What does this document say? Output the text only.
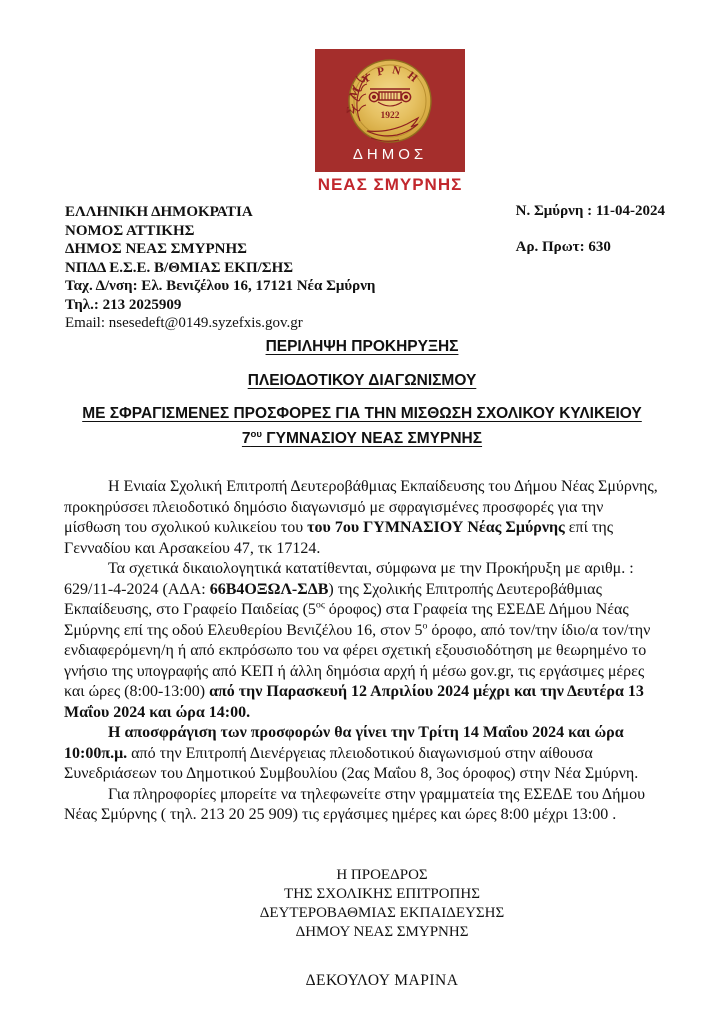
ΣΜΥΡΝΗ
1922
ΔΗΜΟΣ
ΝΕΑΣ ΣΜΥΡΝΗΣ
ΕΛΛΗΝΙΚΗ ΔΗΜΟΚΡΑΤΙΑ
ΝΟΜΟΣ ΑΤΤΙΚΗΣ
ΔΗΜΟΣ ΝΕΑΣ ΣΜΥΡΝΗΣ
ΝΠΔΔ Ε.Σ.Ε. Β/ΘΜΙΑΣ ΕΚΠ/ΣΗΣ
Ταχ. Δ/νση: Ελ. Βενιζέλου 16, 17121 Νέα Σμύρνη
Τηλ.: 213 2025909
Email: nsesedeft@0149.syzefxis.gov.gr
Ν. Σμύρνη : 11-04-2024
Αρ. Πρωτ: 630
ΠΕΡΙΛΗΨΗ ΠΡΟΚΗΡΥΞΗΣ
ΠΛΕΙΟΔΟΤΙΚΟΥ ΔΙΑΓΩΝΙΣΜΟΥ
ΜΕ ΣΦΡΑΓΙΣΜΕΝΕΣ ΠΡΟΣΦΟΡΕΣ ΓΙΑ ΤΗΝ ΜΙΣΘΩΣΗ ΣΧΟΛΙΚΟΥ ΚΥΛΙΚΕΙΟΥ
$7^{o\upsilon}$ ΓΥΜΝΑΣΙΟΥ ΝΕΑΣ ΣΜΥΡΝΗΣ

Η Ενιαία Σχολική Επιτροπή Δευτεροβάθμιας Εκπαίδευσης του Δήμου Νέας Σμύρνης, προκηρύσσει πλειοδοτικό δημόσιο διαγωνισμό με σφραγισμένες προσφορές για την μίσθωση του σχολικού κυλικείου του του 7ου ΓΥΜΝΑΣΙΟΥ Νέας Σμύρνης επί της Γενναδίου και Αρσακείου 47, τκ 17124.

Τα σχετικά δικαιολογητικά κατατίθενται, σύμφωνα με την Προκήρυξη με αριθμ. : 629/11-4-2024 (ΑΔΑ: 66Β4ΟΞΩΛ-ΣΔΒ) της Σχολικής Επιτροπής Δευτεροβάθμιας Εκπαίδευσης, στο Γραφείο Παιδείας ($5^{o\varsigma}$ όροφος) στα Γραφεία της ΕΣΕΔΕ Δήμου Νέας Σμύρνης επί της οδού Ελευθερίου Βενιζέλου 16, στον $5^o$ όροφο, από τον/την ίδιο/α τον/την ενδιαφερόμενη/η ή από εκπρόσωπο του να φέρει σχετική εξουσιοδότηση με θεωρημένο το γνήσιο της υπογραφής από ΚΕΠ ή άλλη δημόσια αρχή ή μέσω gov.gr, τις εργάσιμες μέρες και ώρες (8:00-13:00) από την Παρασκευή 12 Απριλίου 2024 μέχρι και την Δευτέρα 13 Μαΐου 2024 και ώρα 14:00.

Η αποσφράγιση των προσφορών θα γίνει την Τρίτη 14 Μαΐου 2024 και ώρα 10:00π.μ. από την Επιτροπή Διενέργειας πλειοδοτικού διαγωνισμού στην αίθουσα Συνεδριάσεων του Δημοτικού Συμβουλίου (2ας Μαΐου 8, 3ος όροφος) στην Νέα Σμύρνη.

Για πληροφορίες μπορείτε να τηλεφωνείτε στην γραμματεία της ΕΣΕΔΕ του Δήμου Νέας Σμύρνης ( τηλ. 213 20 25 909) τις εργάσιμες ημέρες και ώρες 8:00 μέχρι 13:00 .

Η ΠΡΟΕΔΡΟΣ
ΤΗΣ ΣΧΟΛΙΚΗΣ ΕΠΙΤΡΟΠΗΣ
ΔΕΥΤΕΡΟΒΑΘΜΙΑΣ ΕΚΠΑΙΔΕΥΣΗΣ
ΔΗΜΟΥ ΝΕΑΣ ΣΜΥΡΝΗΣ
ΔΕΚΟΥΛΟΥ ΜΑΡΙΝΑ
